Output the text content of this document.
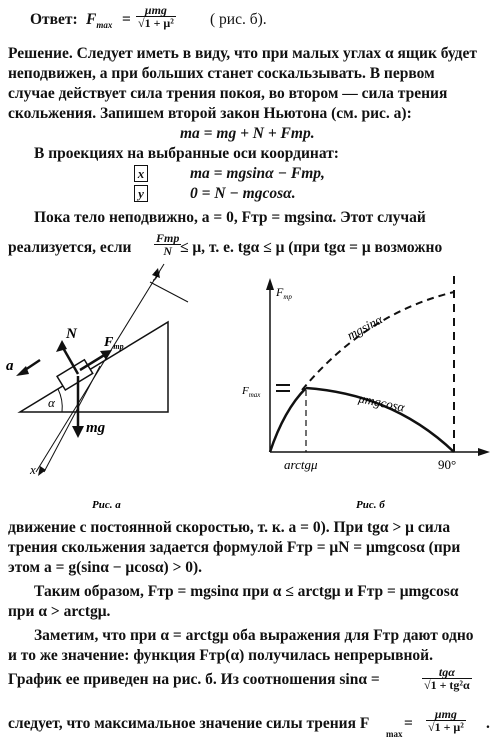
Ответ: $F_{max}$ =
μmg
√1 + μ² ( рис. б).
Решение. Следует иметь в виду, что при малых углах α ящик будет
неподвижен, а при больших станет соскальзывать. В первом
случае действует сила трения покоя, во втором — сила трения
скольжения. Запишем второй закон Ньютона (см. рис. а):
ma = mg + N + Fтр.
В проекциях на выбранные оси координат:
x	ma = mgsinα − Fтр,
y	0 = N − mgcosα.
Пока тело неподвижно, a = 0, Fтр = mgsinα. Этот случай
реализуется, если
Fтр
N ≤ μ, т. е. tgα ≤ μ (при tgα = μ возможно
α
N
$F_{тр}$
mg
a
y
x
Рис. а
$F_{тр}$
mgsinα
μmgcosα
$F_{max}$
arctgμ	90°
Рис. б
движение с постоянной скоростью, т. к. a = 0). При tgα > μ сила
трения скольжения задается формулой Fтр = μN = μmgcosα (при
этом a = g(sinα − μcosα) > 0).
Таким образом, Fтр = mgsinα при α ≤ arctgμ и Fтр = μmgcosα
при α > arctgμ.
Заметим, что при α = arctgμ оба выражения для Fтр дают одно
и то же значение: функция Fтр(α) получилась непрерывной.
График ее приведен на рис. б. Из соотношения sinα =	tgα
√1 + tg²α
следует, что максимальное значение силы трения F
max
=
μmg
√1 + μ² .
